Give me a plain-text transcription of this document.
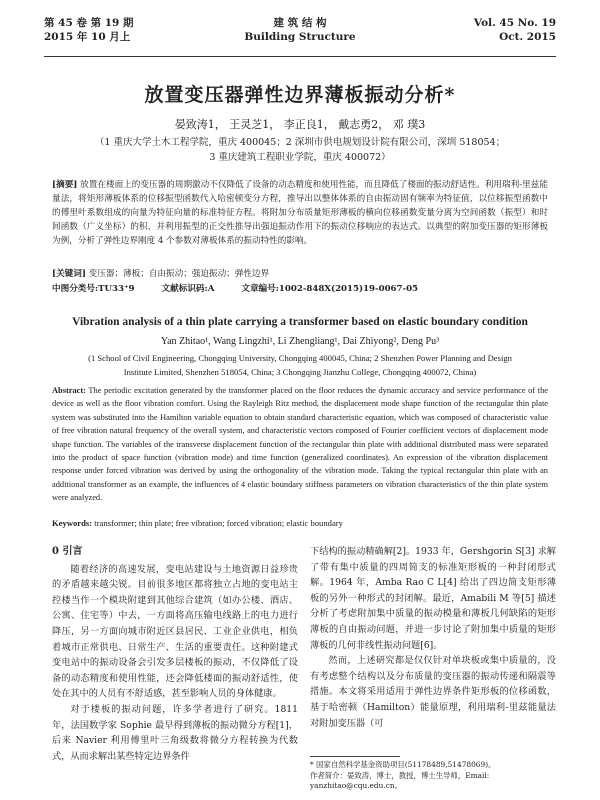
第 45 卷 第 19 期
2015 年 10 月上
建 筑 结 构
Building Structure
Vol. 45 No. 19
Oct. 2015
放置变压器弹性边界薄板振动分析*
晏致涛1， 王灵芝1， 李正良1， 戴志勇2， 邓 璞3
（1 重庆大学土木工程学院，重庆 400045；2 深圳市供电规划设计院有限公司，深圳 518054；
3 重庆建筑工程职业学院，重庆 400072）
[摘要] 放置在楼面上的变压器的周期激动不仅降低了设备的动态精度和使用性能，而且降低了楼面的振动舒适性。利用瑞利-里兹能量法，将矩形薄板体系的位移振型函数代入哈密顿变分方程，推导出以整体体系的自由振动固有频率为特征值，以位移振型函数中的傅里叶系数组成的向量为特征向量的标准特征方程。将附加分布质量矩形薄板的横向位移函数变量分离为空间函数（振型）和时间函数（广义坐标）的积，并利用振型的正交性推导出强迫振动作用下的振动位移响应的表达式。以典型的附加变压器的矩形薄板为例，分析了弹性边界刚度 4 个参数对薄板体系的振动特性的影响。
[关键词] 变压器；薄板；自由振动；强迫振动；弹性边界
中图分类号:TU33⁺9	文献标识码:A	文章编号:1002-848X(2015)19-0067-05
Vibration analysis of a thin plate carrying a transformer based on elastic boundary condition
Yan Zhitao¹, Wang Lingzhi¹, Li Zhengliang¹, Dai Zhiyong², Deng Pu³
(1 School of Civil Engineering, Chongqing University, Chongqing 400045, China; 2 Shenzhen Power Planning and Design
Institute Limited, Shenzhen 518054, China; 3 Chongqing Jianzhu College, Chongqing 400072, China)
Abstract: The periodic excitation generated by the transformer placed on the floor reduces the dynamic accuracy and service performance of the device as well as the floor vibration comfort. Using the Rayleigh Ritz method, the displacement mode shape function of the rectangular thin plate system was substituted into the Hamilton variable equation to obtain standard characteristic equation, which was composed of characteristic value of free vibration natural frequency of the overall system, and characteristic vectors composed of Fourier coefficient vectors of displacement mode shape function. The variables of the transverse displacement function of the rectangular thin plate with additional distributed mass were separated into the product of space function (vibration mode) and time function (generalized coordinates). An expression of the vibration displacement response under forced vibration was derived by using the orthogonality of the vibration mode. Taking the typical rectangular thin plate with an additional transformer as an example, the influences of 4 elastic boundary stiffness parameters on vibration characteristics of the thin plate system were analyzed.
Keywords: transformer; thin plate; free vibration; forced vibration; elastic boundary
0 引言
随着经济的高速发展，变电站建设与土地资源日益珍贵的矛盾越来越尖锐。目前很多地区都将独立占地的变电站主控楼当作一个模块附建到其他综合建筑（如办公楼、酒店、公寓、住宅等）中去，一方面将高压输电线路上的电力进行降压，另一方面向城市附近区县居民、工业企业供电，相负着城市正常供电、日常生产、生活的重要责任。这种附建式变电站中的振动设备会引发多层楼板的振动，不仅降低了设备的动态精度和使用性能，还会降低楼面的振动舒适性，使处在其中的人员有不舒适感，甚至影响人员的身体健康。
对于楼板的振动问题，许多学者进行了研究。1811 年，法国数学家 Sophie 最早得到薄板的振动微分方程[1]，后来 Navier 利用傅里叶三角级数将微分方程转换为代数式，从而求解出某些特定边界条件
下结构的振动精确解[2]。1933 年，Gershgorin S[3] 求解了带有集中质量的四周简支的标准矩形板的一种封闭形式解。1964 年，Amba Rao C L[4] 给出了四边简支矩形薄板的另外一种形式的封闭解。最近，Amabili M 等[5] 描述分析了考虑附加集中质量的振动模量和薄板几何缺陷的矩形薄板的自由振动问题，并进一步讨论了附加集中质量的矩形薄板的几何非线性振动问题[6]。
然而，上述研究都是仅仅针对单块板或集中质量的，没有考虑整个结构以及分布质量的变压器的振动传递和隔震等措施。本文将采用适用于弹性边界条件矩形板的位移函数，基于哈密顿（Hamilton）能量原理，利用瑞利-里兹能量法对附加变压器（可
* 国家自然科学基金资助项目(51178489,51478069)。
作者简介：晏致涛，博士，教授，博士生导师，Email: yanzhitao@cqu.edu.cn。
